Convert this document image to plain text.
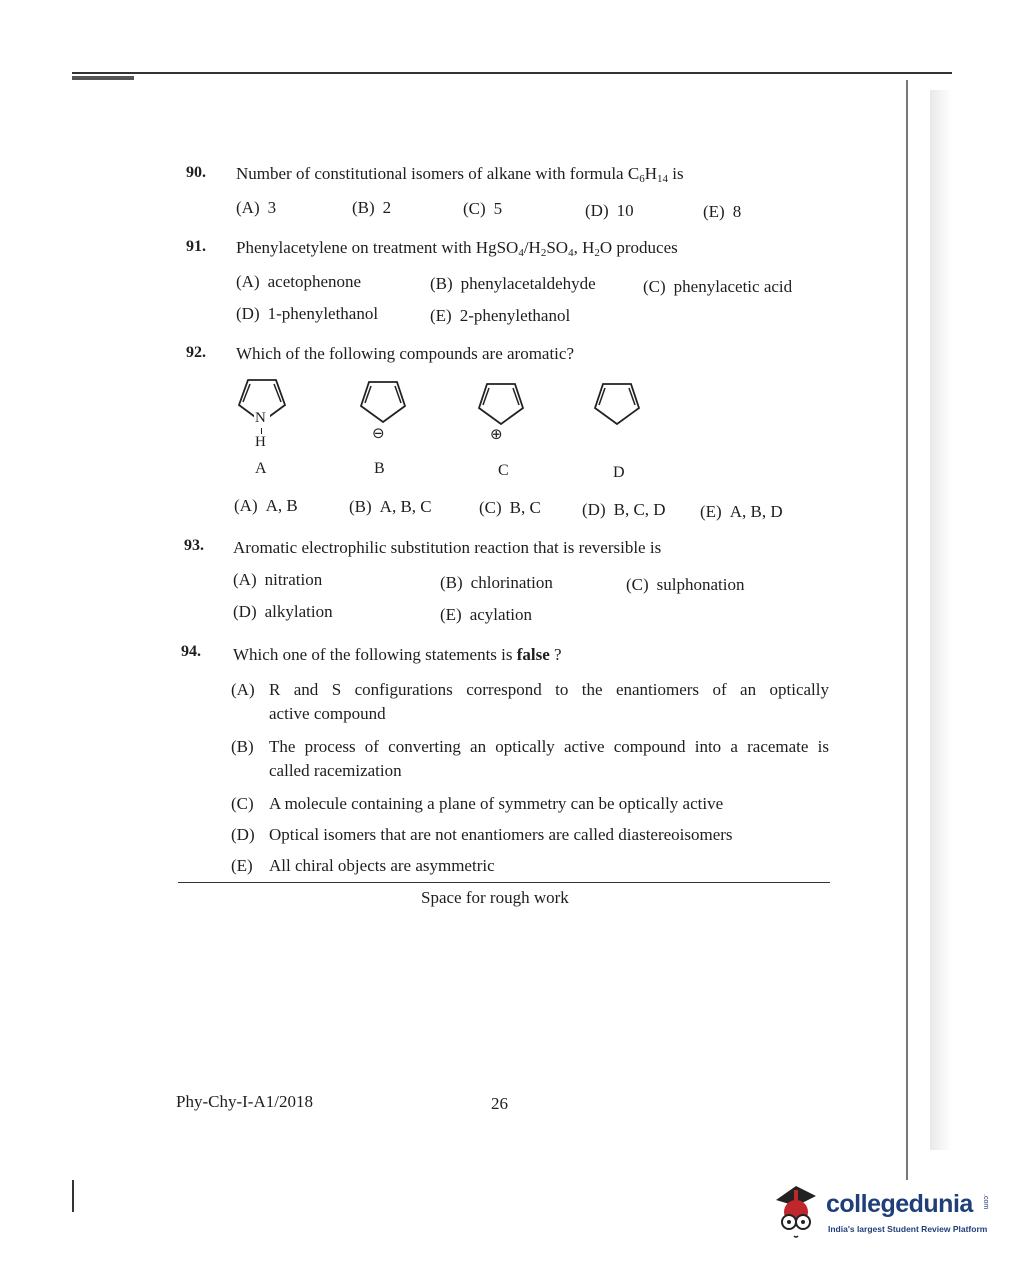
90. Number of constitutional isomers of alkane with formula $C_6H_{14}$ is
(A) 3	(B) 2	(C) 5	(D) 10	(E) 8
91. Phenylacetylene on treatment with $HgSO_4/H_2SO_4$, $H_2O$ produces
(A) acetophenone	(B) phenylacetaldehyde	(C) phenylacetic acid
(D) 1-phenylethanol	(E) 2-phenylethanol
92. Which of the following compounds are aromatic?
N
H
A
⊖
B
⊕
C	D
(A) A, B	(B) A, B, C	(C) B, C (D) B, C, D (E) A, B, D
93. Aromatic electrophilic substitution reaction that is reversible is
(A) nitration	(B) chlorination	(C) sulphonation
(D) alkylation	(E) acylation
94. Which one of the following statements is false ?
(A) R and S configurations correspond to the enantiomers of an optically
active compound
(B) The process of converting an optically active compound into a racemate is
called racemization
(C) A molecule containing a plane of symmetry can be optically active
(D) Optical isomers that are not enantiomers are called diastereoisomers
(E) All chiral objects are asymmetric
Space for rough work
Phy-Chy-I-A1/2018	26
collegedunia .com
India's largest Student Review Platform
